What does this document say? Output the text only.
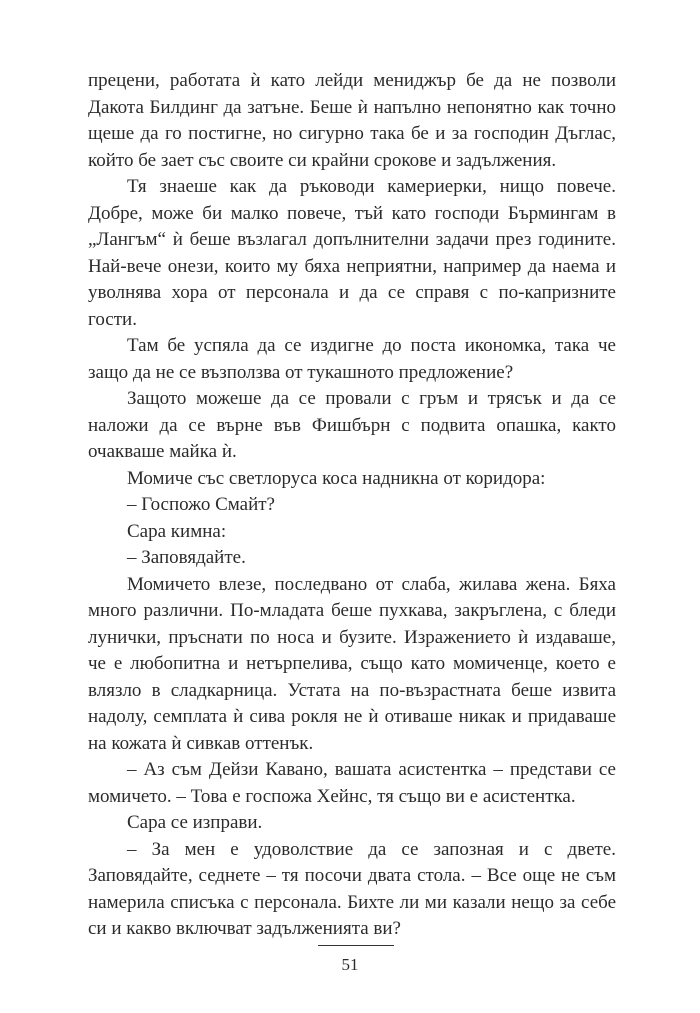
прецени, работата ѝ като лейди мениджър бе да не позволи Дакота Билдинг да затъне. Беше ѝ напълно непонятно как точно щеше да го постигне, но сигурно така бе и за господин Дъглас, който бе зает със своите си крайни срокове и задължения.

Тя знаеше как да ръководи камериерки, нищо повече. Добре, може би малко повече, тъй като господи Бърмингам в „Лангъм“ ѝ беше възлагал допълнителни задачи през годините. Най-вече онези, които му бяха неприятни, например да наема и уволнява хора от персонала и да се справя с по-капризните гости.

Там бе успяла да се издигне до поста икономка, така че защо да не се възползва от тукашното предложение?

Защото можеше да се провали с гръм и трясък и да се наложи да се върне във Фишбърн с подвита опашка, както очакваше майка ѝ.

Момиче със светлоруса коса надникна от коридора:

– Госпожо Смайт?

Сара кимна:

– Заповядайте.

Момичето влезе, последвано от слаба, жилава жена. Бяха много различни. По-младата беше пухкава, закръглена, с бледи лунички, пръснати по носа и бузите. Изражението ѝ издаваше, че е любопитна и нетърпелива, също като момиченце, което е влязло в сладкарница. Устата на по-възрастната беше извита надолу, семплата ѝ сива рокля не ѝ отиваше никак и придаваше на кожата ѝ сивкав оттенък.

– Аз съм Дейзи Кавано, вашата асистентка – представи се момичето. – Това е госпожа Хейнс, тя също ви е асистентка.

Сара се изправи.

– За мен е удоволствие да се запозная и с двете. Заповядайте, седнете – тя посочи двата стола. – Все още не съм намерила списъка с персонала. Бихте ли ми казали нещо за себе си и какво включват задълженията ви?

51
